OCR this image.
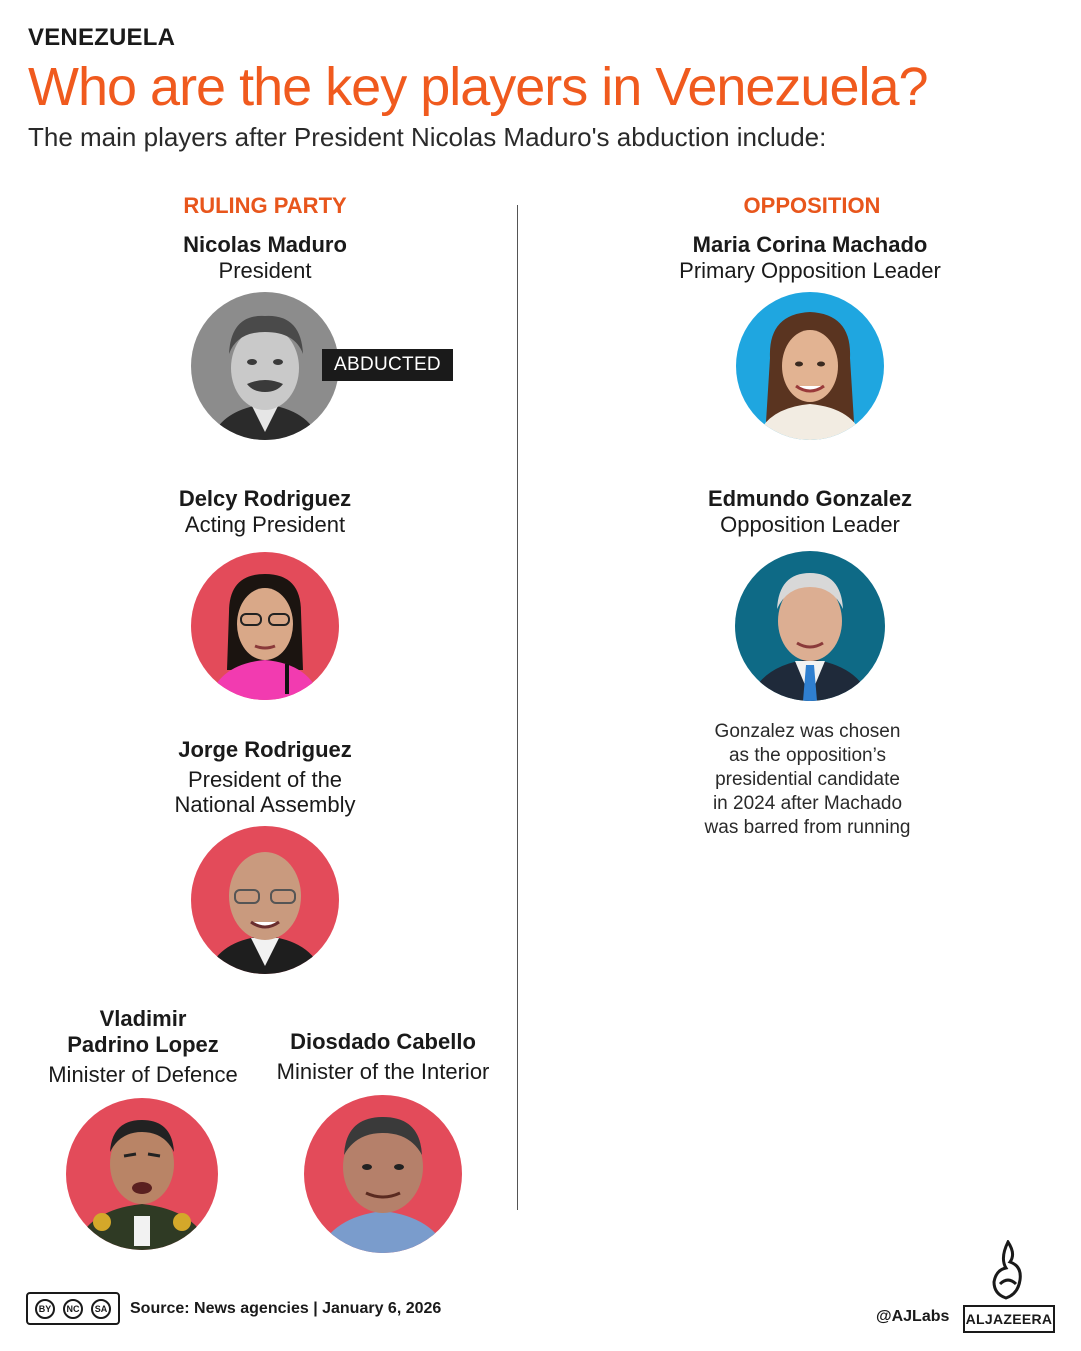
VENEZUELA
Who are the key players in Venezuela?
The main players after President Nicolas Maduro's abduction include:
RULING PARTY	OPPOSITION
Nicolas Maduro
President
ABDUCTED
Delcy Rodriguez
Acting President
Jorge Rodriguez
President of the
National Assembly
Vladimir
Padrino Lopez
Minister of Defence
Diosdado Cabello
Minister of the Interior
Maria Corina Machado
Primary Opposition Leader
Edmundo Gonzalez
Opposition Leader
Gonzalez was chosen
as the opposition’s
presidential candidate
in 2024 after Machado
was barred from running
BY	NC	SA Source: News agencies | January 6, 2026	@AJLabs ALJAZEERA
